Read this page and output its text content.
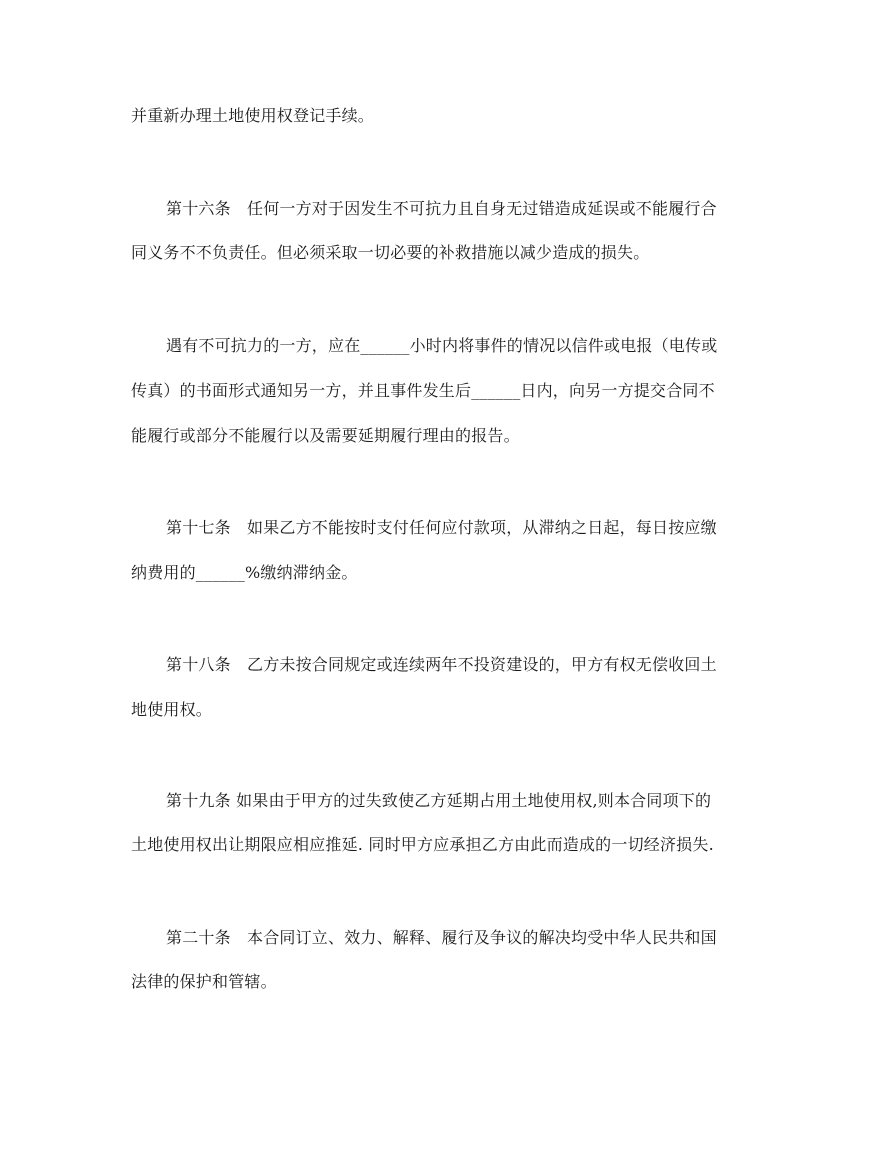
并重新办理土地使用权登记手续。
第十六条　任何一方对于因发生不可抗力且自身无过错造成延误或不能履行合
同义务不不负责任。但必须采取一切必要的补救措施以减少造成的损失。
遇有不可抗力的一方，应在______小时内将事件的情况以信件或电报（电传或
传真）的书面形式通知另一方，并且事件发生后______日内，向另一方提交合同不
能履行或部分不能履行以及需要延期履行理由的报告。
第十七条　如果乙方不能按时支付任何应付款项，从滞纳之日起，每日按应缴
纳费用的______%缴纳滞纳金。
第十八条　乙方未按合同规定或连续两年不投资建设的，甲方有权无偿收回土
地使用权。
第十九条 如果由于甲方的过失致使乙方延期占用土地使用权,则本合同项下的
土地使用权出让期限应相应推延. 同时甲方应承担乙方由此而造成的一切经济损失.
第二十条　本合同订立、效力、解释、履行及争议的解决均受中华人民共和国
法律的保护和管辖。
